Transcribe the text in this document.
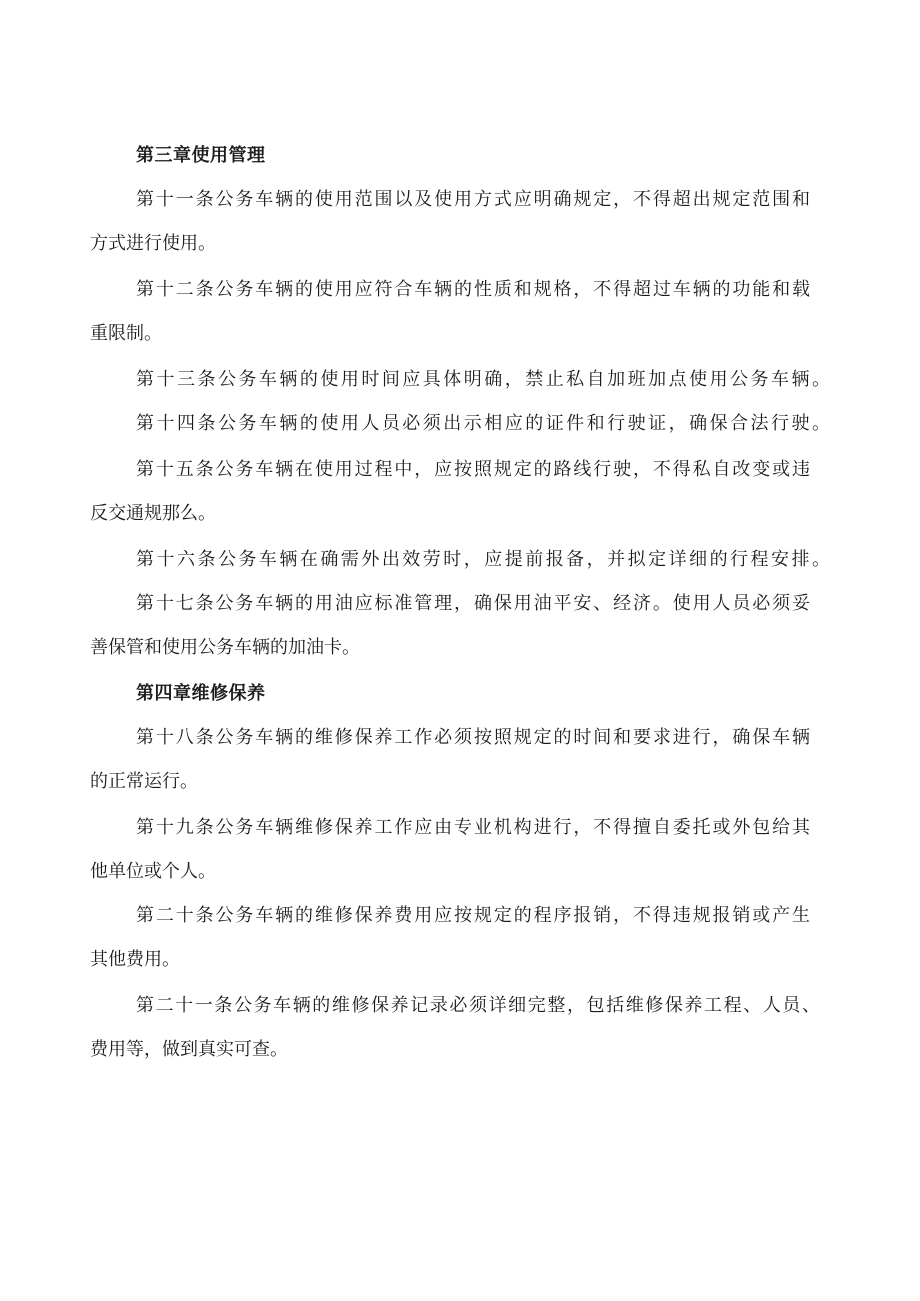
第三章使用管理
第十一条公务车辆的使用范围以及使用方式应明确规定，不得超出规定范围和
方式进行使用。
第十二条公务车辆的使用应符合车辆的性质和规格，不得超过车辆的功能和载
重限制。
第十三条公务车辆的使用时间应具体明确，禁止私自加班加点使用公务车辆。
第十四条公务车辆的使用人员必须出示相应的证件和行驶证，确保合法行驶。
第十五条公务车辆在使用过程中，应按照规定的路线行驶，不得私自改变或违
反交通规那么。
第十六条公务车辆在确需外出效劳时，应提前报备，并拟定详细的行程安排。
第十七条公务车辆的用油应标准管理，确保用油平安、经济。使用人员必须妥
善保管和使用公务车辆的加油卡。
第四章维修保养
第十八条公务车辆的维修保养工作必须按照规定的时间和要求进行，确保车辆
的正常运行。
第十九条公务车辆维修保养工作应由专业机构进行，不得擅自委托或外包给其
他单位或个人。
第二十条公务车辆的维修保养费用应按规定的程序报销，不得违规报销或产生
其他费用。
第二十一条公务车辆的维修保养记录必须详细完整，包括维修保养工程、人员、
费用等，做到真实可查。
